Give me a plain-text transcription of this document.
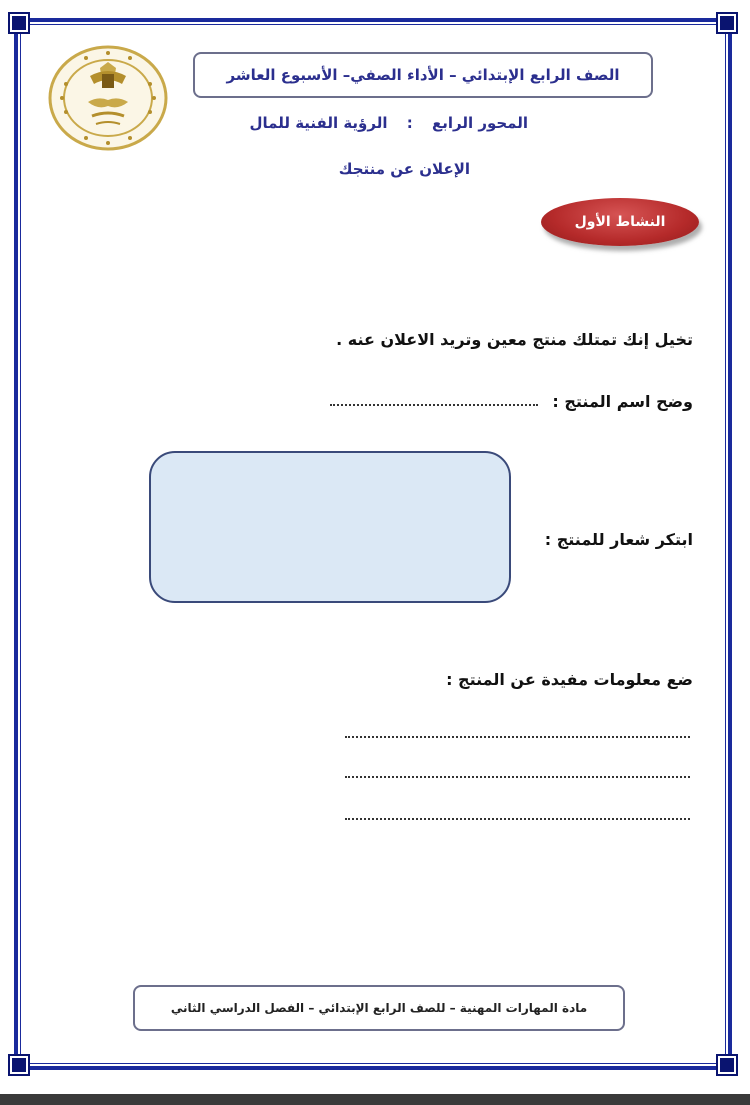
الصف الرابع الإبتدائي – الأداء الصفي– الأسبوع العاشر
المحور الرابع : الرؤية الفنية للمال
الإعلان عن منتجك
النشاط الأول
تخيل إنك تمتلك منتج معين وتريد الاعلان عنه .
وضح اسم المنتج :
ابتكر شعار للمنتج :
ضع معلومات مفيدة عن المنتج :
مادة المهارات المهنية – للصف الرابع الإبتدائي – الفصل الدراسي الثاني
